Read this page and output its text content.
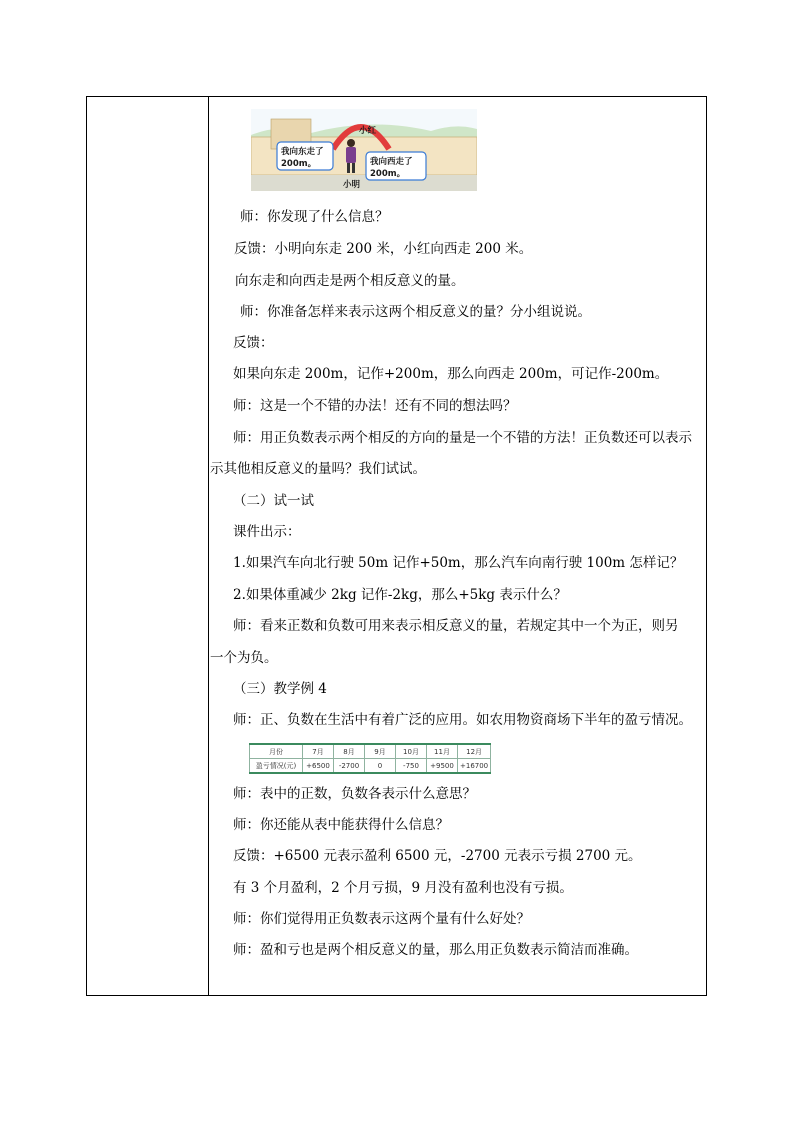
我向东走了
200m。	我向西走了
200m。
小红
小明
师：你发现了什么信息？
反馈：小明向东走 200 米，小红向西走 200 米。
向东走和向西走是两个相反意义的量。
师：你准备怎样来表示这两个相反意义的量？分小组说说。
反馈：
如果向东走 200m，记作+200m，那么向西走 200m，可记作-200m。
师：这是一个不错的办法！还有不同的想法吗？
师：用正负数表示两个相反的方向的量是一个不错的方法！正负数还可以表示
示其他相反意义的量吗？我们试试。
（二）试一试
课件出示：
1.如果汽车向北行驶 50m 记作+50m，那么汽车向南行驶 100m 怎样记？
2.如果体重减少 2kg 记作-2kg，那么+5kg 表示什么？
师：看来正数和负数可用来表示相反意义的量，若规定其中一个为正，则另
一个为负。
（三）教学例 4
师：正、负数在生活中有着广泛的应用。如农用物资商场下半年的盈亏情况。
月份	7月	8月	9月	10月	11月	12月
盈亏情况(元)	+6500	-2700	0	-750	+9500	+16700
师：表中的正数，负数各表示什么意思？
师：你还能从表中能获得什么信息？
反馈：+6500 元表示盈利 6500 元，-2700 元表示亏损 2700 元。
有 3 个月盈利，2 个月亏损，9 月没有盈利也没有亏损。
师：你们觉得用正负数表示这两个量有什么好处？
师：盈和亏也是两个相反意义的量，那么用正负数表示简洁而准确。
